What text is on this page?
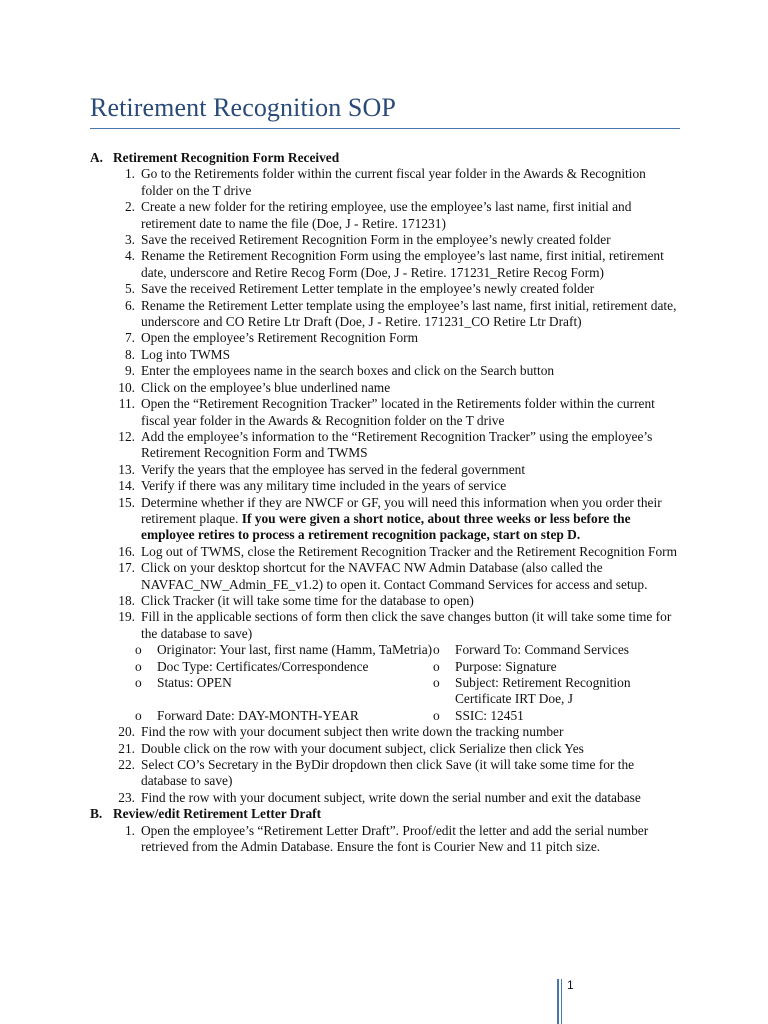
Retirement Recognition SOP
A. Retirement Recognition Form Received
1. Go to the Retirements folder within the current fiscal year folder in the Awards & Recognition folder on the T drive
2. Create a new folder for the retiring employee, use the employee’s last name, first initial and retirement date to name the file (Doe, J - Retire. 171231)
3. Save the received Retirement Recognition Form in the employee’s newly created folder
4. Rename the Retirement Recognition Form using the employee’s last name, first initial, retirement date, underscore and Retire Recog Form (Doe, J - Retire. 171231_Retire Recog Form)
5. Save the received Retirement Letter template in the employee’s newly created folder
6. Rename the Retirement Letter template using the employee’s last name, first initial, retirement date, underscore and CO Retire Ltr Draft (Doe, J - Retire. 171231_CO Retire Ltr Draft)
7. Open the employee’s Retirement Recognition Form
8. Log into TWMS
9. Enter the employees name in the search boxes and click on the Search button
10. Click on the employee’s blue underlined name
11. Open the “Retirement Recognition Tracker” located in the Retirements folder within the current fiscal year folder in the Awards & Recognition folder on the T drive
12. Add the employee’s information to the “Retirement Recognition Tracker” using the employee’s Retirement Recognition Form and TWMS
13. Verify the years that the employee has served in the federal government
14. Verify if there was any military time included in the years of service
15. Determine whether if they are NWCF or GF, you will need this information when you order their retirement plaque. If you were given a short notice, about three weeks or less before the employee retires to process a retirement recognition package, start on step D.
16. Log out of TWMS, close the Retirement Recognition Tracker and the Retirement Recognition Form
17. Click on your desktop shortcut for the NAVFAC NW Admin Database (also called the NAVFAC_NW_Admin_FE_v1.2) to open it. Contact Command Services for access and setup.
18. Click Tracker (it will take some time for the database to open)
19. Fill in the applicable sections of form then click the save changes button (it will take some time for the database to save)
o	Originator: Your last, first name (Hamm, TaMetria) o	Forward To: Command Services
o	Doc Type: Certificates/Correspondence	o	Purpose: Signature
o	Status: OPEN	o	Subject: Retirement Recognition Certificate IRT Doe, J
o	Forward Date: DAY-MONTH-YEAR	o	SSIC: 12451
20. Find the row with your document subject then write down the tracking number
21. Double click on the row with your document subject, click Serialize then click Yes
22. Select CO’s Secretary in the ByDir dropdown then click Save (it will take some time for the database to save)
23. Find the row with your document subject, write down the serial number and exit the database
B. Review/edit Retirement Letter Draft
1. Open the employee’s “Retirement Letter Draft”. Proof/edit the letter and add the serial number retrieved from the Admin Database. Ensure the font is Courier New and 11 pitch size.
1
